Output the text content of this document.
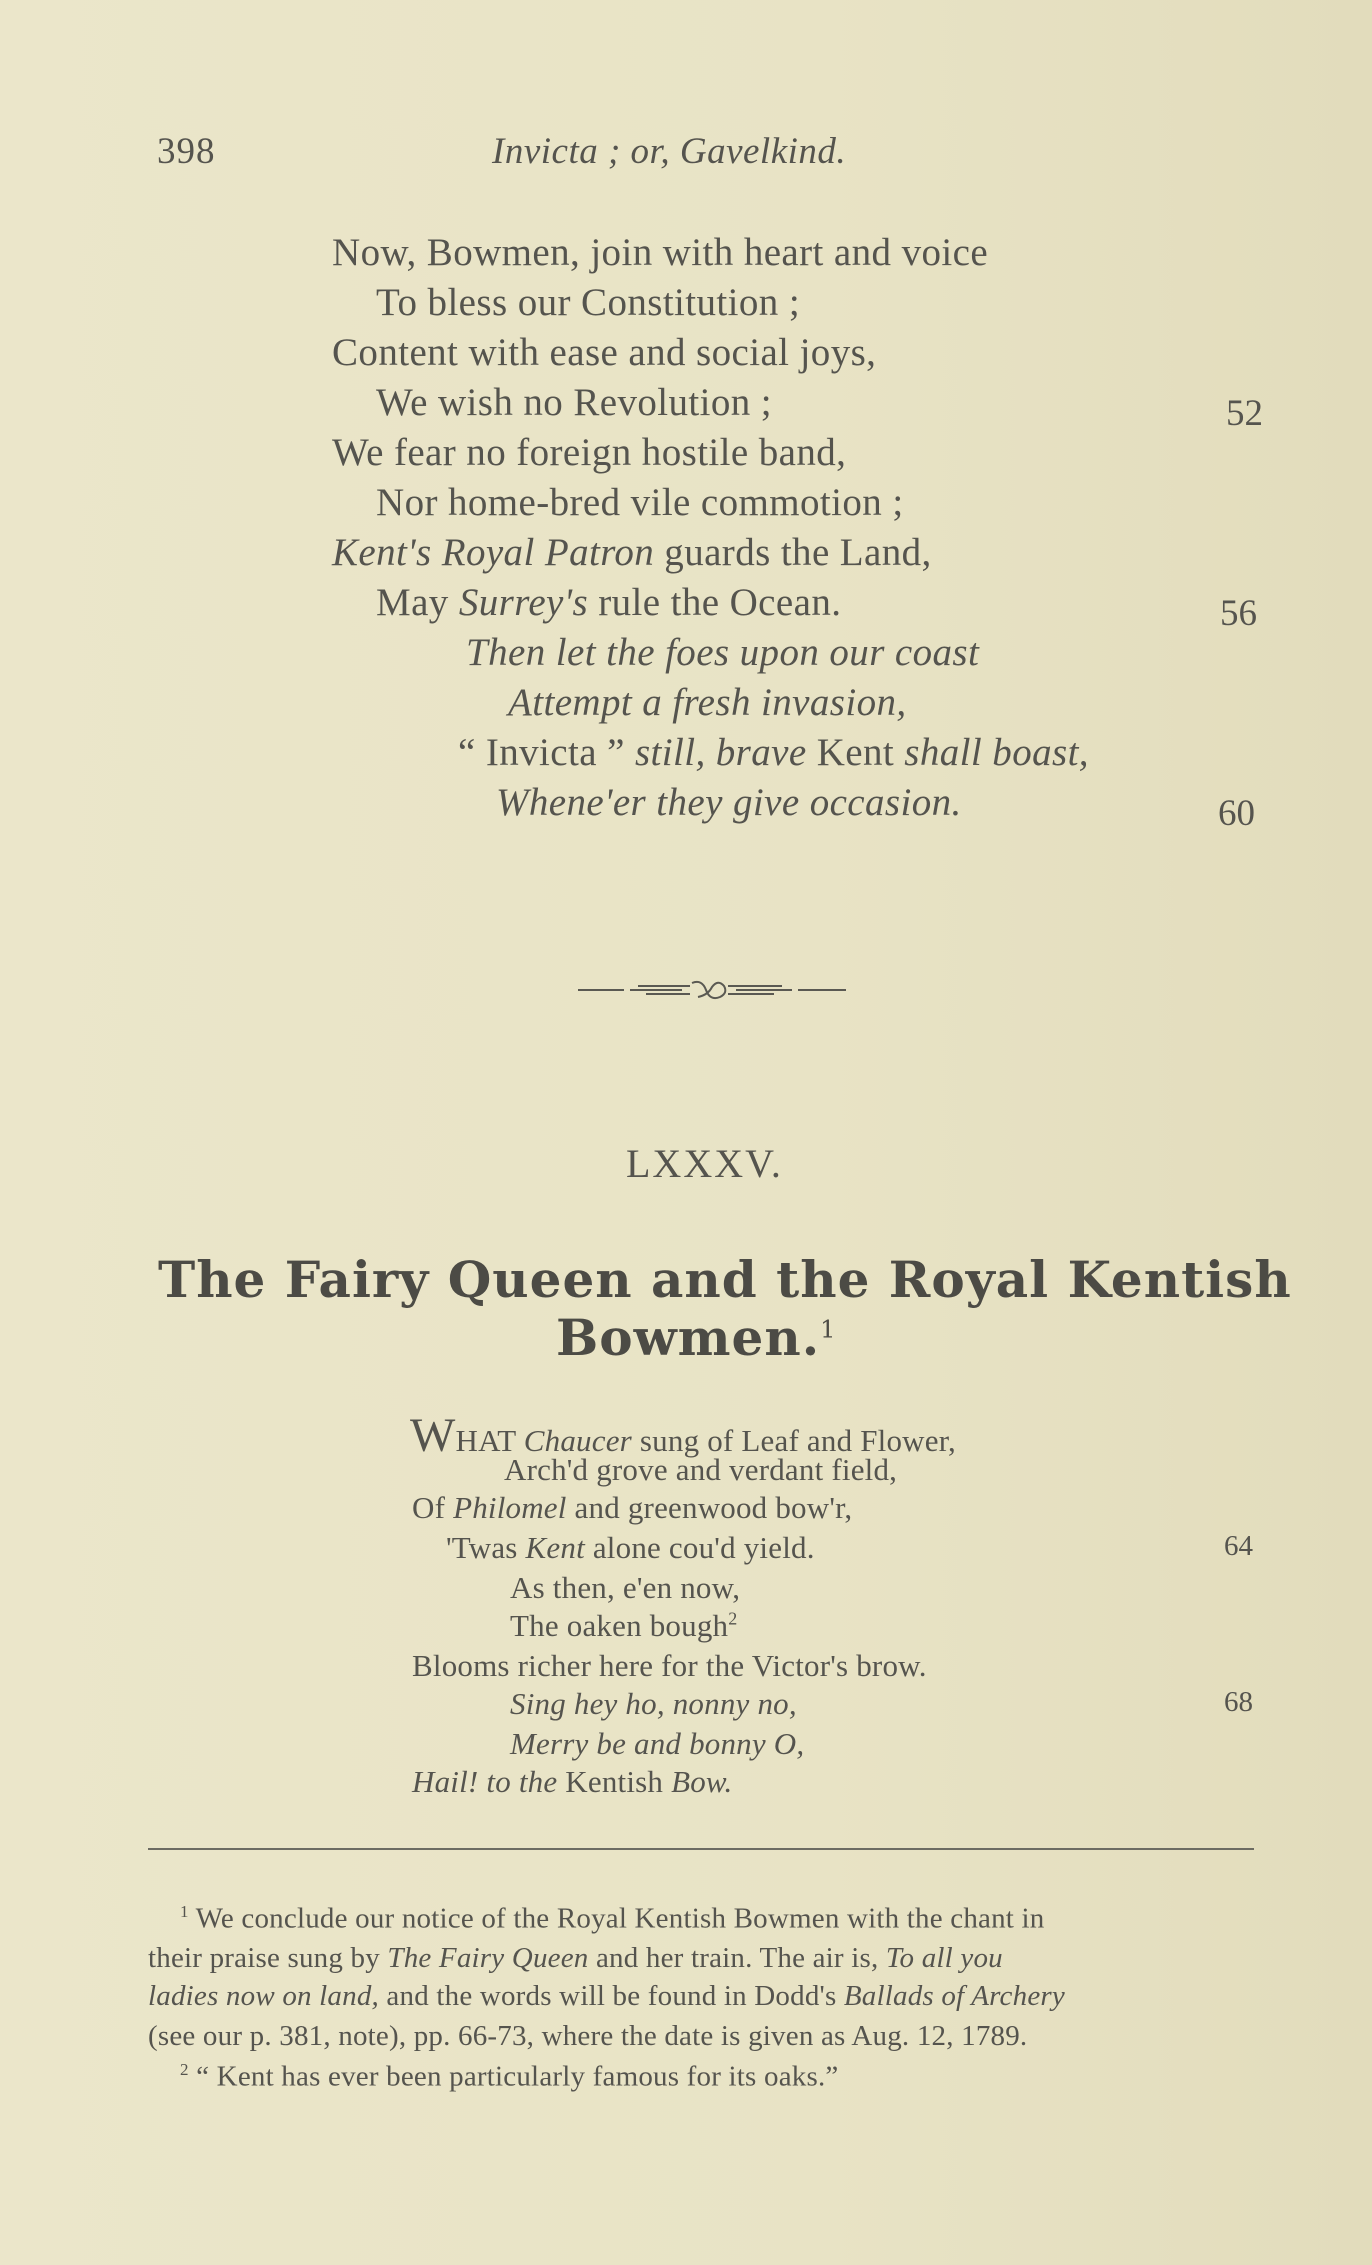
398	Invicta ; or, Gavelkind.
Now, Bowmen, join with heart and voice
To bless our Constitution ;
Content with ease and social joys,
We wish no Revolution ;	52
We fear no foreign hostile band,
Nor home-bred vile commotion ;
Kent's Royal Patron guards the Land,
May Surrey's rule the Ocean.	56
Then let the foes upon our coast
Attempt a fresh invasion,
“ Invicta ” still, brave Kent shall boast,
Whene'er they give occasion.	60
LXXXV.
The Fairy Queen and the Royal Kentish
Bowmen.$^1$
WHAT Chaucer sung of Leaf and Flower,
Arch'd grove and verdant field,
Of Philomel and greenwood bow'r,
'Twas Kent alone cou'd yield.	64
As then, e'en now,
The oaken bough$^2$
Blooms richer here for the Victor's brow.
Sing hey ho, nonny no,	68
Merry be and bonny O,
Hail! to the Kentish Bow.
$^1$ We conclude our notice of the Royal Kentish Bowmen with the chant in
their praise sung by The Fairy Queen and her train. The air is, To all you
ladies now on land, and the words will be found in Dodd's Ballads of Archery
(see our p. 381, note), pp. 66-73, where the date is given as Aug. 12, 1789.
$^2$ “ Kent has ever been particularly famous for its oaks.”
